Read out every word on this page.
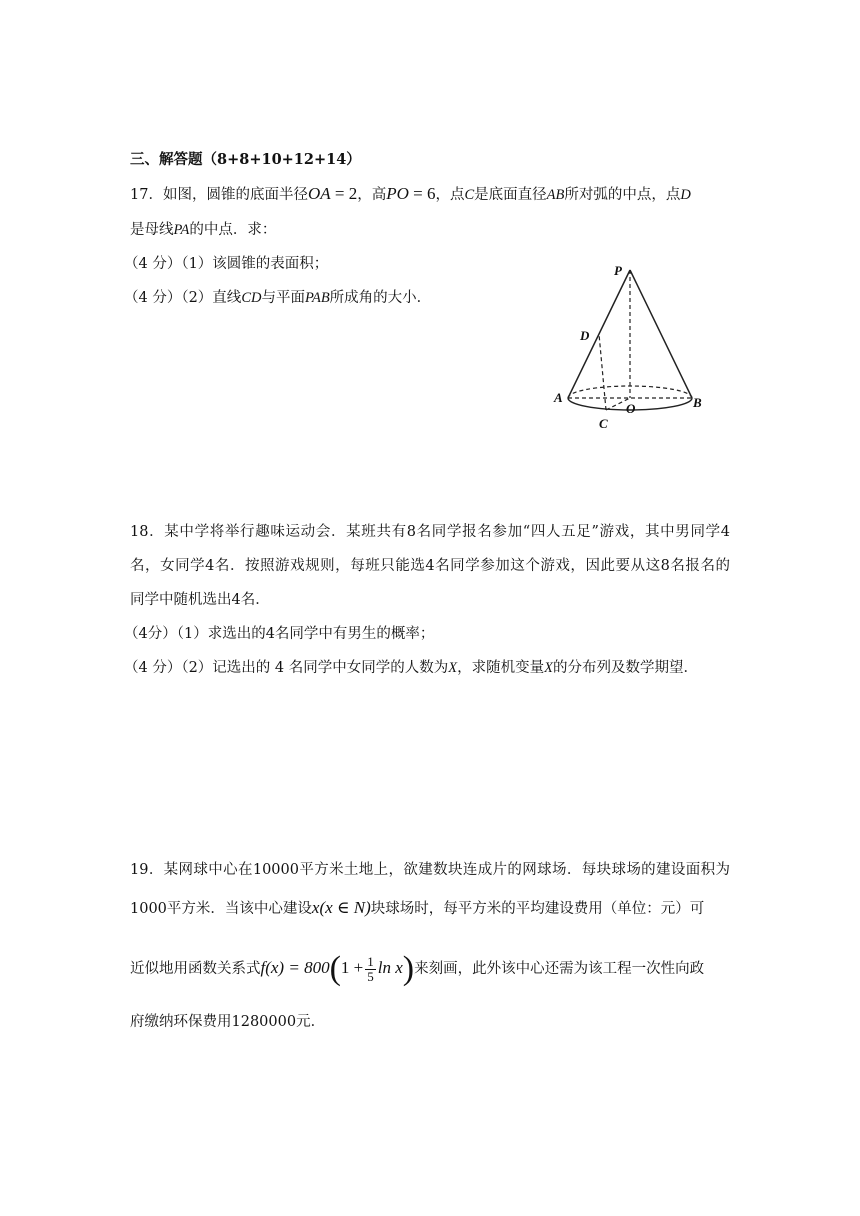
三、解答题（8+8+10+12+14）
17．如图，圆锥的底面半径OA = 2，高PO = 6，点C是底面直径AB所对弧的中点，点D
是母线PA的中点．求：
（4 分）（1）该圆锥的表面积；
（4 分）（2）直线CD与平面PAB所成角的大小．
P
D
A
O	B
C
18．某中学将举行趣味运动会．某班共有8名同学报名参加“四人五足”游戏，其中男同学4
名，女同学4名．按照游戏规则，每班只能选4名同学参加这个游戏，因此要从这8名报名的
同学中随机选出4名．
（4分）（1）求选出的4名同学中有男生的概率；
（4 分）（2）记选出的 4 名同学中女同学的人数为X，求随机变量X的分布列及数学期望．
19．某网球中心在10000平方米土地上，欲建数块连成片的网球场．每块球场的建设面积为
1000平方米．当该中心建设x(x ∈ N)块球场时，每平方米的平均建设费用（单位：元）可
近似地用函数关系式$f(x) = 800(1 + \frac{1}{5}$ ln x)来刻画，此外该中心还需为该工程一次性向政
府缴纳环保费用1280000元．
